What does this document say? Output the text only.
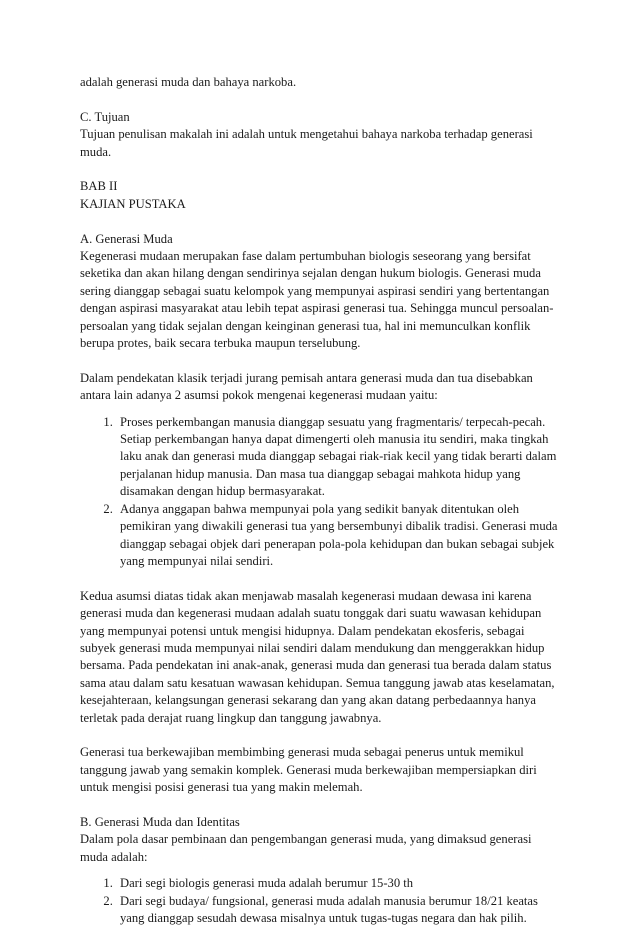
adalah generasi muda dan bahaya narkoba.

C. Tujuan

Tujuan penulisan makalah ini adalah untuk mengetahui bahaya narkoba terhadap generasi muda.

BAB II

KAJIAN PUSTAKA

A. Generasi Muda

Kegenerasi mudaan merupakan fase dalam pertumbuhan biologis seseorang yang bersifat seketika dan akan hilang dengan sendirinya sejalan dengan hukum biologis. Generasi muda sering dianggap sebagai suatu kelompok yang mempunyai aspirasi sendiri yang bertentangan dengan aspirasi masyarakat atau lebih tepat aspirasi generasi tua. Sehingga muncul persoalan-persoalan yang tidak sejalan dengan keinginan generasi tua, hal ini memunculkan konflik berupa protes, baik secara terbuka maupun terselubung.

Dalam pendekatan klasik terjadi jurang pemisah antara generasi muda dan tua disebabkan antara lain adanya 2 asumsi pokok mengenai kegenerasi mudaan yaitu:

1. Proses perkembangan manusia dianggap sesuatu yang fragmentaris/ terpecah-pecah. Setiap perkembangan hanya dapat dimengerti oleh manusia itu sendiri, maka tingkah laku anak dan generasi muda dianggap sebagai riak-riak kecil yang tidak berarti dalam perjalanan hidup manusia. Dan masa tua dianggap sebagai mahkota hidup yang disamakan dengan hidup bermasyarakat.
2. Adanya anggapan bahwa mempunyai pola yang sedikit banyak ditentukan oleh pemikiran yang diwakili generasi tua yang bersembunyi dibalik tradisi. Generasi muda dianggap sebagai objek dari penerapan pola-pola kehidupan dan bukan sebagai subjek yang mempunyai nilai sendiri.

Kedua asumsi diatas tidak akan menjawab masalah kegenerasi mudaan dewasa ini karena generasi muda dan kegenerasi mudaan adalah suatu tonggak dari suatu wawasan kehidupan yang mempunyai potensi untuk mengisi hidupnya. Dalam pendekatan ekosferis, sebagai subyek generasi muda mempunyai nilai sendiri dalam mendukung dan menggerakkan hidup bersama. Pada pendekatan ini anak-anak, generasi muda dan generasi tua berada dalam status sama atau dalam satu kesatuan wawasan kehidupan. Semua tanggung jawab atas keselamatan, kesejahteraan, kelangsungan generasi sekarang dan yang akan datang perbedaannya hanya terletak pada derajat ruang lingkup dan tanggung jawabnya.

Generasi tua berkewajiban membimbing generasi muda sebagai penerus untuk memikul tanggung jawab yang semakin komplek. Generasi muda berkewajiban mempersiapkan diri untuk mengisi posisi generasi tua yang makin melemah.

B. Generasi Muda dan Identitas

Dalam pola dasar pembinaan dan pengembangan generasi muda, yang dimaksud generasi muda adalah:

1. Dari segi biologis generasi muda adalah berumur 15-30 th
2. Dari segi budaya/ fungsional, generasi muda adalah manusia berumur 18/21 keatas yang dianggap sesudah dewasa misalnya untuk tugas-tugas negara dan hak pilih.
